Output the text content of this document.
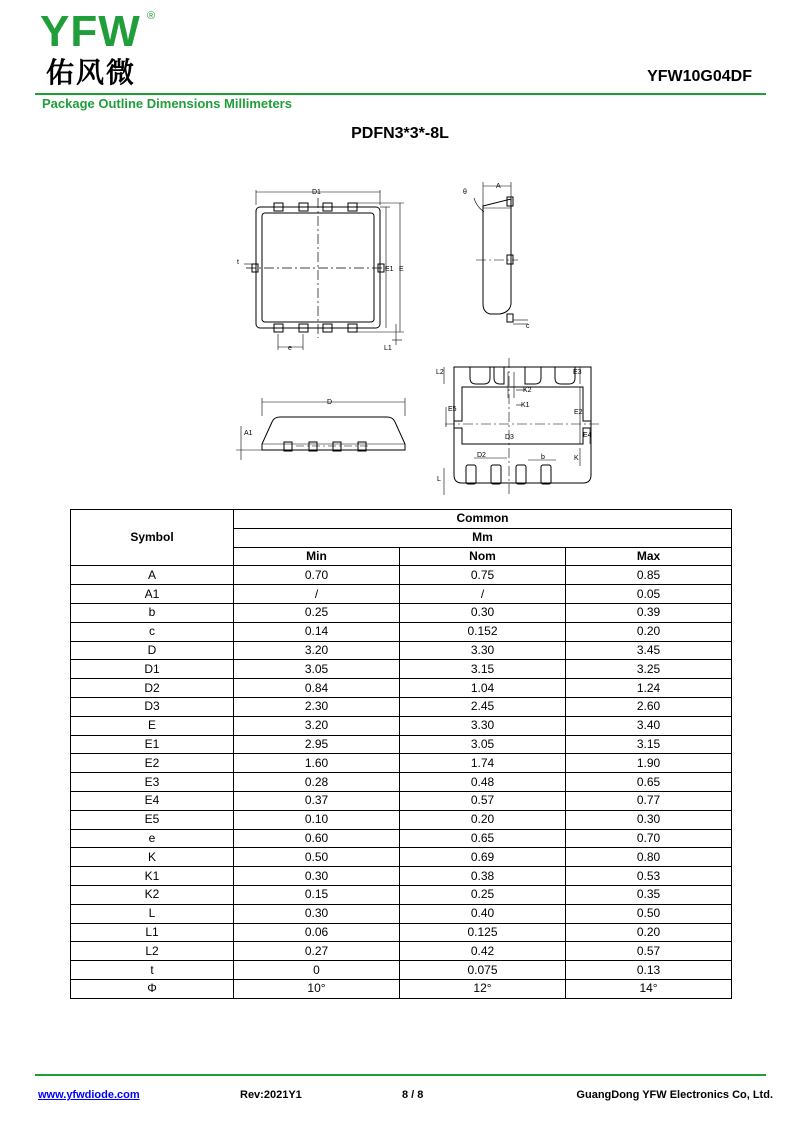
YFW ®
佑风微	YFW10G04DF
Package Outline Dimensions Millimeters
PDFN3*3*-8L
D1
t
E1 E
e	L1
θ
A
c
D
A1
L2	E3
K2
K1
E5	E2
D3	E4
D2	b	K
L
Symbol	Common		
	Mm		
	Min	Nom	Max
A	0.70	0.75	0.85
A1	/	/	0.05
b	0.25	0.30	0.39
c	0.14	0.152	0.20
D	3.20	3.30	3.45
D1	3.05	3.15	3.25
D2	0.84	1.04	1.24
D3	2.30	2.45	2.60
E	3.20	3.30	3.40
E1	2.95	3.05	3.15
E2	1.60	1.74	1.90
E3	0.28	0.48	0.65
E4	0.37	0.57	0.77
E5	0.10	0.20	0.30
e	0.60	0.65	0.70
K	0.50	0.69	0.80
K1	0.30	0.38	0.53
K2	0.15	0.25	0.35
L	0.30	0.40	0.50
L1	0.06	0.125	0.20
L2	0.27	0.42	0.57
t	0	0.075	0.13
Φ	10°	12°	14°
www.yfwdiode.com	Rev:2021Y1	8 / 8	GuangDong YFW Electronics Co, Ltd.
